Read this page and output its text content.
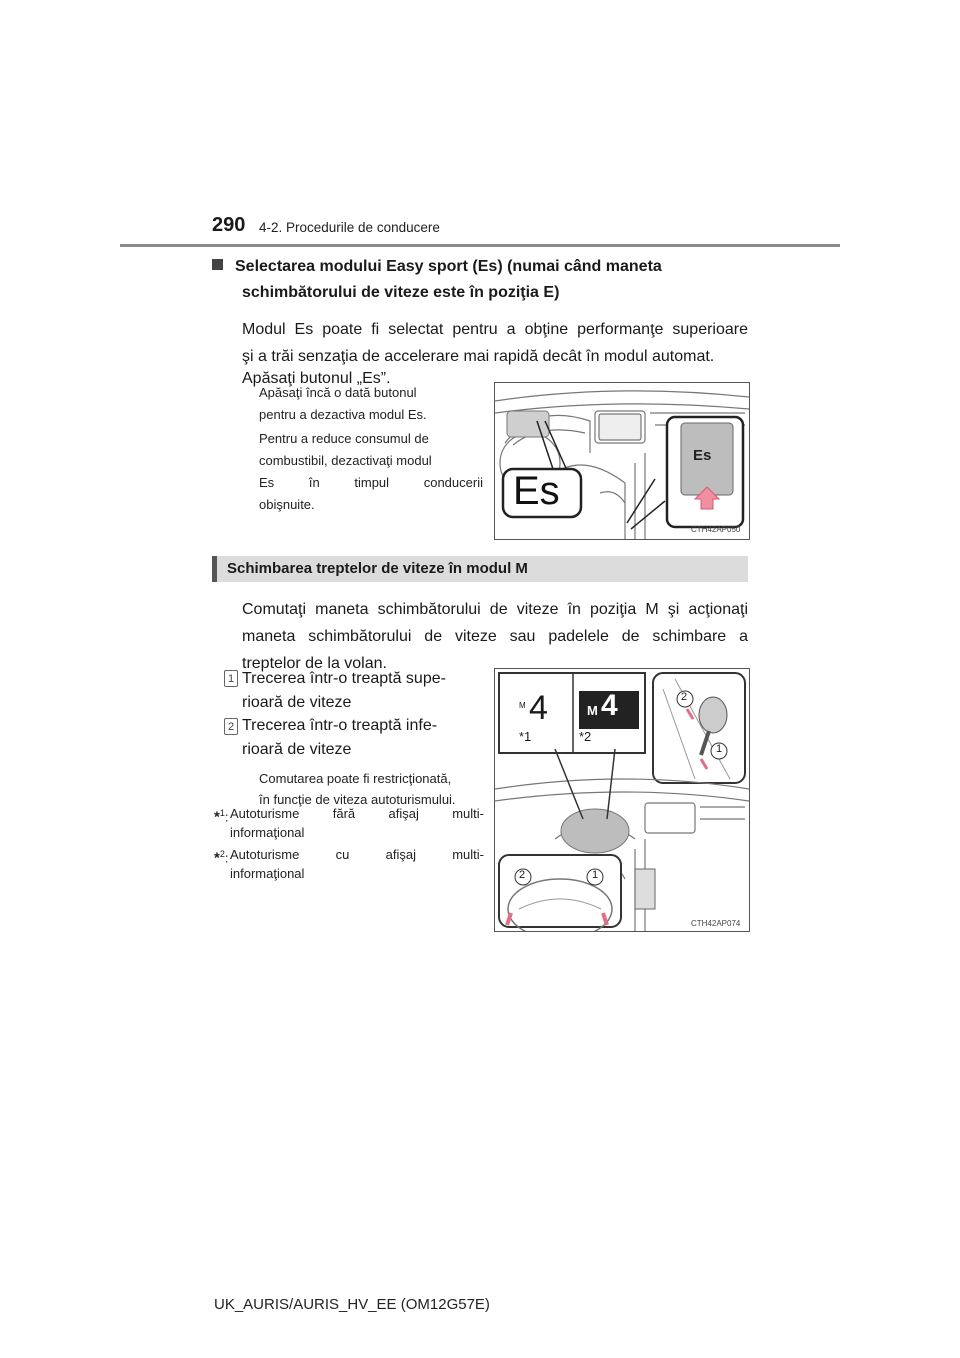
290 4-2. Procedurile de conducere
Selectarea modului Easy sport (Es) (numai când maneta
schimbătorului de viteze este în poziţia E)
Modul Es poate fi selectat pentru a obţine performanţe superioare
şi a trăi senzaţia de accelerare mai rapidă decât în modul automat.
Apăsaţi butonul „Es”.
Apăsaţi încă o dată butonul
pentru a dezactiva modul Es.
Pentru a reduce consumul de
combustibil, dezactivaţi modul
Es	în	timpul	conducerii
obişnuite.	Es
Es
CTH42AP050
Schimbarea treptelor de viteze în modul M
Comutaţi maneta schimbătorului de viteze în poziţia M şi acţionaţi
maneta schimbătorului de viteze sau padelele de schimbare a
treptelor de la volan.
1 Trecerea într-o treaptă supe-
rioară de viteze
2 Trecerea într-o treaptă infe-
rioară de viteze
Comutarea poate fi restricţionată,
în funcţie de viteza autoturismului.
*$^1$: Autoturisme	fără	afişaj	multi-
informaţional
*$^2$: Autoturisme	cu	afişaj	multi-
informaţional
M 4	M 4
*1	*2
2
1
2	1
CTH42AP074
UK_AURIS/AURIS_HV_EE (OM12G57E)
